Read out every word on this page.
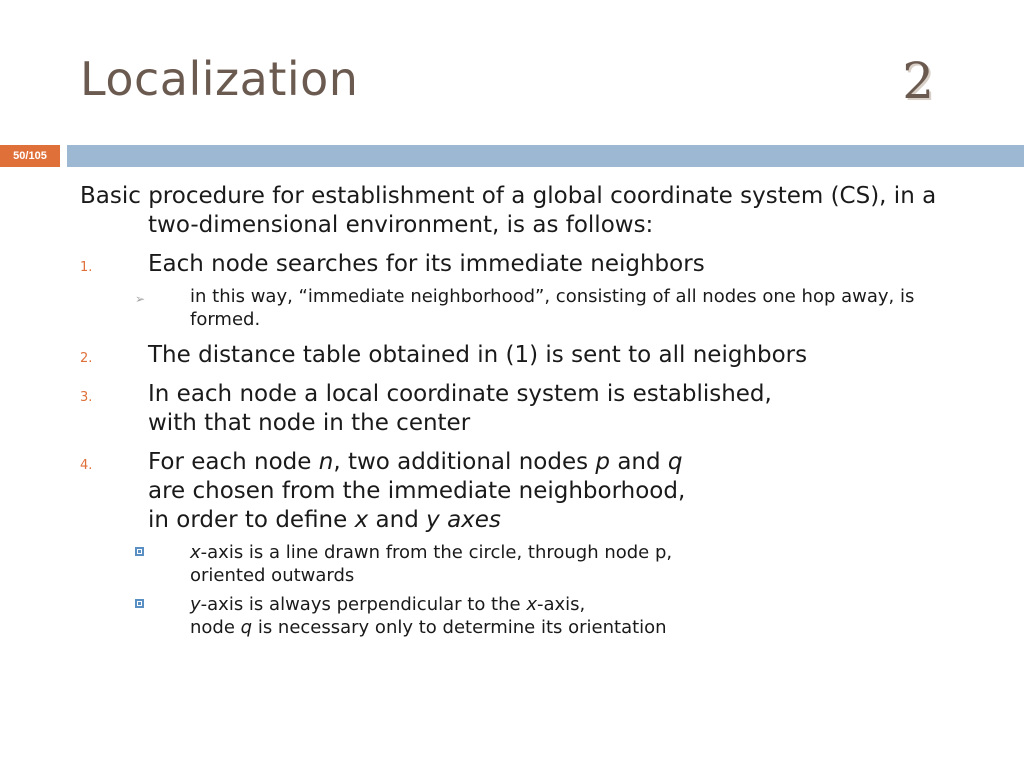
Localization	2
50/105

Basic procedure for establishment of a global coordinate system (CS), in a two-dimensional environment, is as follows:

1. Each node searches for its immediate neighbors
➢ in this way, “immediate neighborhood”, consisting of all nodes one hop away, is formed.
2. The distance table obtained in (1) is sent to all neighbors
3. In each node a local coordinate system is established,
with that node in the center
4. For each node n, two additional nodes p and q
are chosen from the immediate neighborhood,
in order to define x and y axes
x-axis is a line drawn from the circle, through node p,
oriented outwards
y-axis is always perpendicular to the x-axis,
node q is necessary only to determine its orientation
